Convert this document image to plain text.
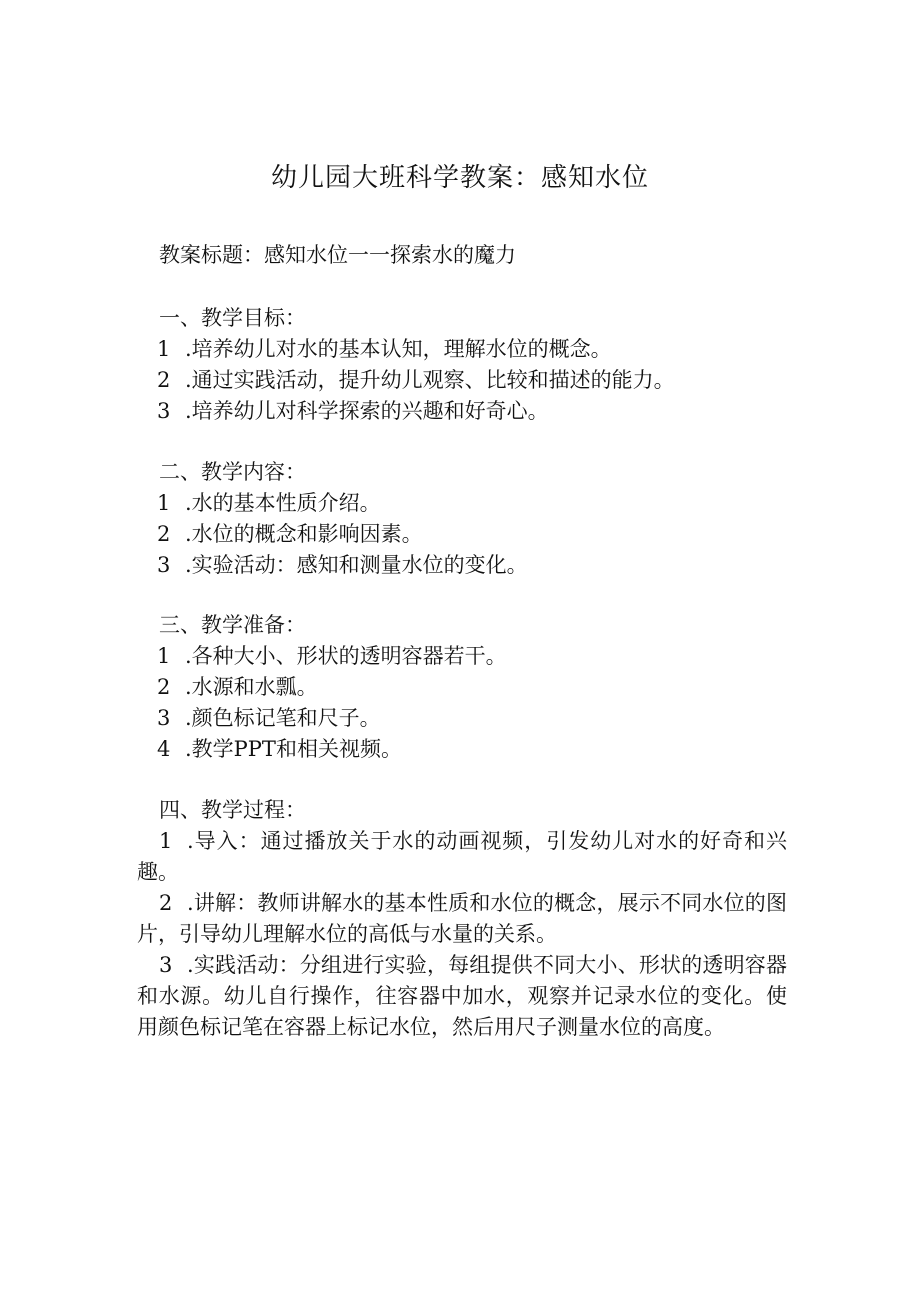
幼儿园大班科学教案：感知水位
教案标题：感知水位一一探索水的魔力
一、教学目标：
1 .培养幼儿对水的基本认知，理解水位的概念。
2 .通过实践活动，提升幼儿观察、比较和描述的能力。
3 .培养幼儿对科学探索的兴趣和好奇心。
二、教学内容：
1 .水的基本性质介绍。
2 .水位的概念和影响因素。
3 .实验活动：感知和测量水位的变化。
三、教学准备：
1 .各种大小、形状的透明容器若干。
2 .水源和水瓢。
3 .颜色标记笔和尺子。
4 .教学PPT和相关视频。
四、教学过程：
1 .导入：通过播放关于水的动画视频，引发幼儿对水的好奇和兴趣。
2 .讲解：教师讲解水的基本性质和水位的概念，展示不同水位的图片，引导幼儿理解水位的高低与水量的关系。
3 .实践活动：分组进行实验，每组提供不同大小、形状的透明容器和水源。幼儿自行操作，往容器中加水，观察并记录水位的变化。使用颜色标记笔在容器上标记水位，然后用尺子测量水位的高度。
